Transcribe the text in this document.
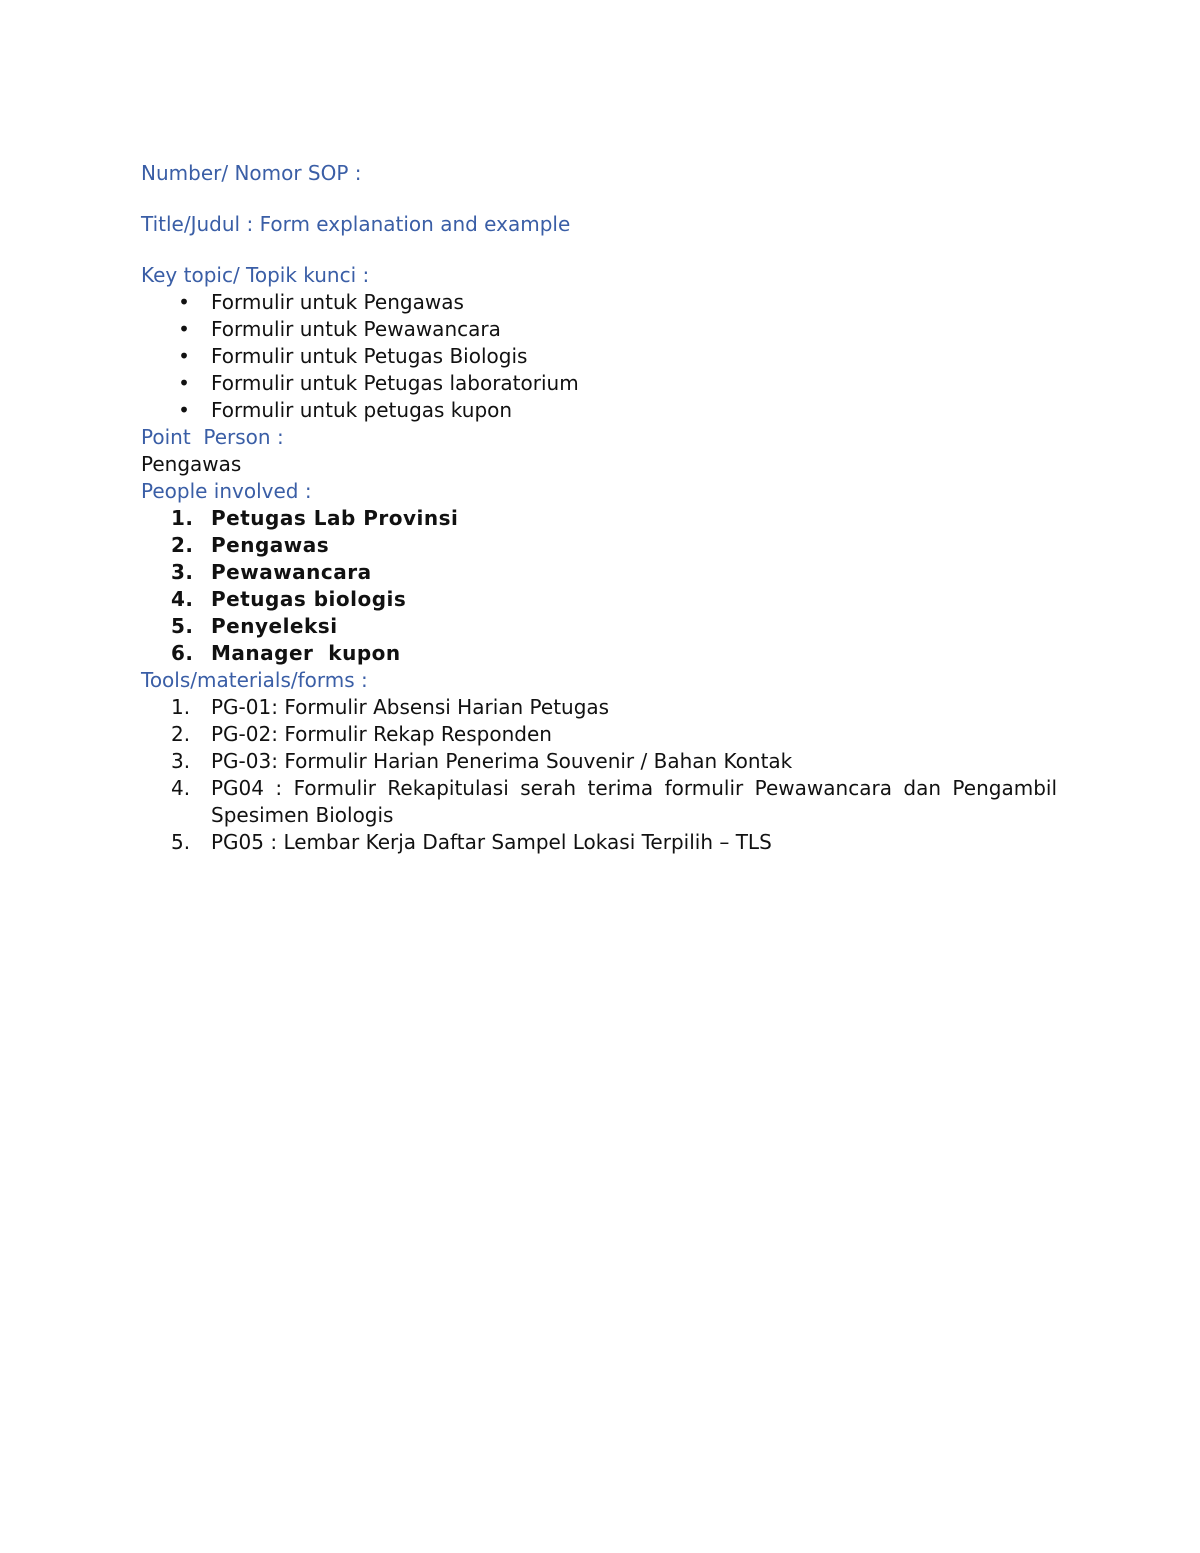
Number/ Nomor SOP :

Title/Judul : Form explanation and example

Key topic/ Topik kunci :

• Formulir untuk Pengawas
• Formulir untuk Pewawancara
• Formulir untuk Petugas Biologis
• Formulir untuk Petugas laboratorium
• Formulir untuk petugas kupon

Point  Person :

Pengawas

People involved :

1. Petugas Lab Provinsi
2. Pengawas
3. Pewawancara
4. Petugas biologis
5. Penyeleksi
6. Manager  kupon

Tools/materials/forms :

1.	PG-01: Formulir Absensi Harian Petugas
2.	PG-02: Formulir Rekap Responden
3.	PG-03: Formulir Harian Penerima Souvenir / Bahan Kontak
4.	PG04 : Formulir Rekapitulasi serah terima formulir Pewawancara dan Pengambil Spesimen Biologis
5.	PG05 : Lembar Kerja Daftar Sampel Lokasi Terpilih – TLS
